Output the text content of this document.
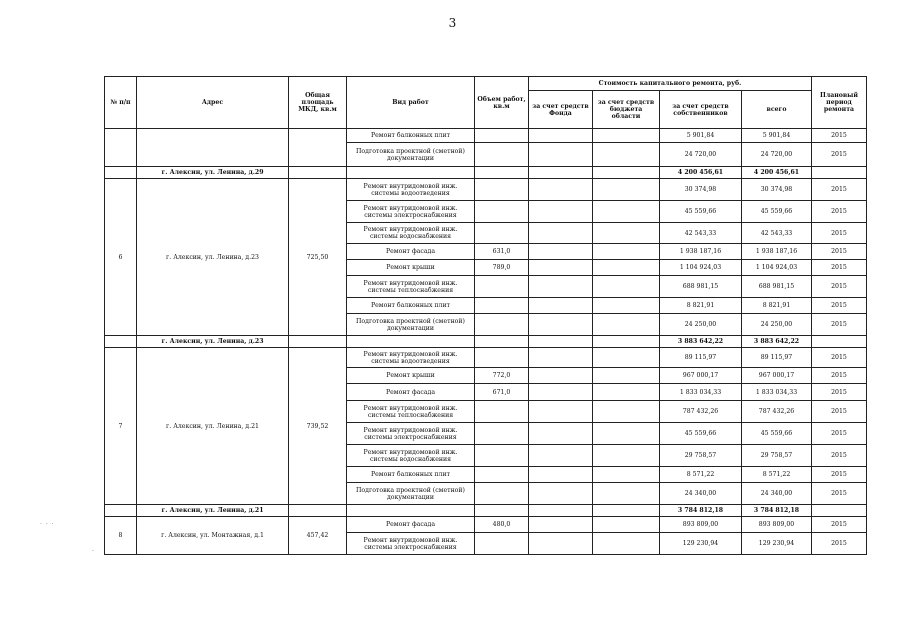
3
№ п/п	Адрес	Общая площадь МКД, кв.м	Вид работ	Объем работ, кв.м	Стоимость капитального ремонта, руб.				Плановый период ремонта
					за счет средств Фонда	за счет средств бюджета области	за счет средств собственников	всего	
			Ремонт балконных плит				5 901,84	5 901,84	2015
			Подготовка проектной (сметной) документации				24 720,00	24 720,00	2015
	г. Алексин, ул. Ленина, д.29						4 200 456,61	4 200 456,61	
6	г. Алексин, ул. Ленина, д.23	725,50	Ремонт внутридомовой инж. системы водоотведения				30 374,98	30 374,98	2015
			Ремонт внутридомовой инж. системы электроснабжения				45 559,66	45 559,66	2015
			Ремонт внутридомовой инж. системы водоснабжения				42 543,33	42 543,33	2015
			Ремонт фасада	631,0			1 938 187,16	1 938 187,16	2015
			Ремонт крыши	789,0			1 104 924,03	1 104 924,03	2015
			Ремонт внутридомовой инж. системы теплоснабжения				688 981,15	688 981,15	2015
			Ремонт балконных плит				8 821,91	8 821,91	2015
			Подготовка проектной (сметной) документации				24 250,00	24 250,00	2015
	г. Алексин, ул. Ленина, д.23						3 883 642,22	3 883 642,22	
7	г. Алексин, ул. Ленина, д.21	739,52	Ремонт внутридомовой инж. системы водоотведения				89 115,97	89 115,97	2015
			Ремонт крыши	772,0			967 000,17	967 000,17	2015
			Ремонт фасада	671,0			1 833 034,33	1 833 034,33	2015
			Ремонт внутридомовой инж. системы теплоснабжения				787 432,26	787 432,26	2015
			Ремонт внутридомовой инж. системы электроснабжения				45 559,66	45 559,66	2015
			Ремонт внутридомовой инж. системы водоснабжения				29 758,57	29 758,57	2015
			Ремонт балконных плит				8 571,22	8 571,22	2015
			Подготовка проектной (сметной) документации				24 340,00	24 340,00	2015
	г. Алексин, ул. Ленина, д.21						3 784 812,18	3 784 812,18	
8	г. Алексин, ул. Монтажная, д.1	457,42	Ремонт фасада	480,0			893 809,00	893 809,00	2015
			Ремонт внутридомовой инж. системы электроснабжения				129 230,94	129 230,94	2015
· · ·
·
